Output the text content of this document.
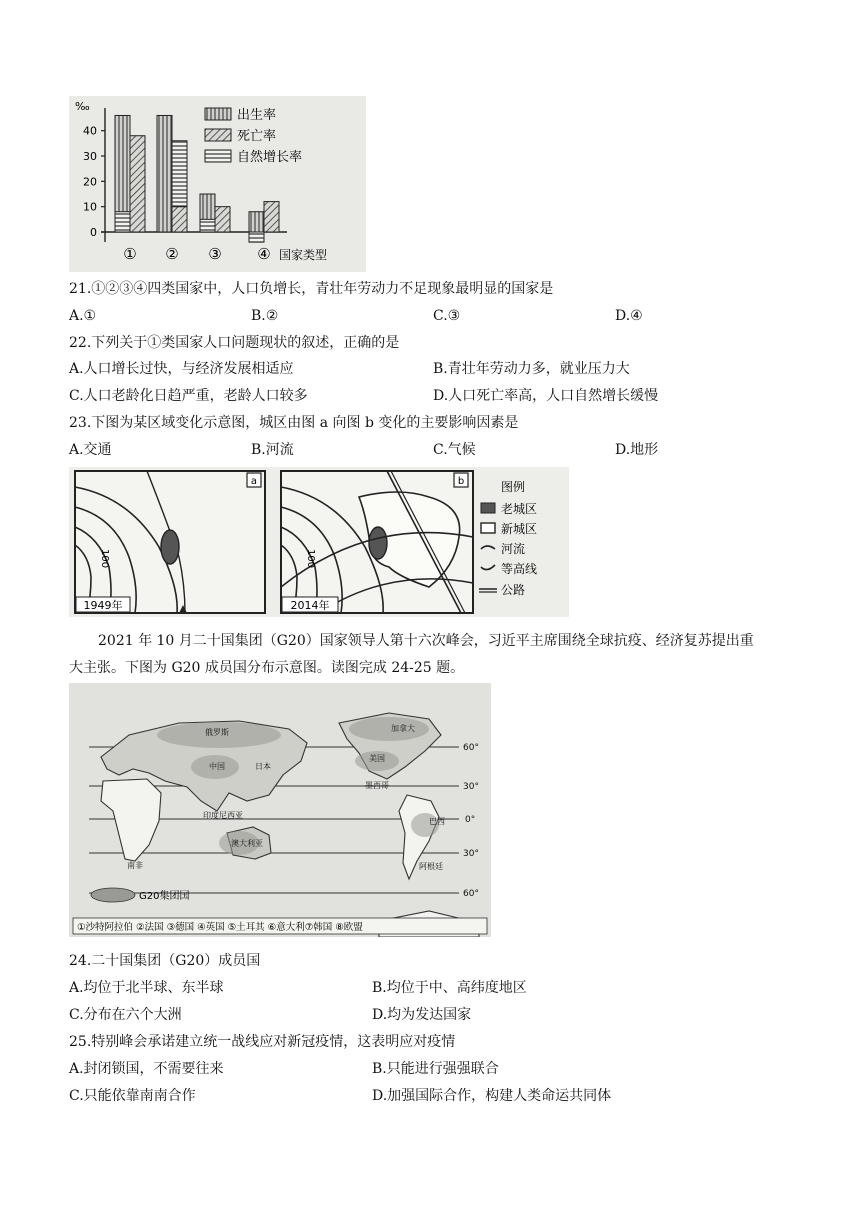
‰
0
10
20
30
40
① ② ③ ④ 国家类型
出生率
死亡率
自然增长率
21.①②③④四类国家中，人口负增长，青壮年劳动力不足现象最明显的国家是
A.①	B.②	C.③	D.④
22.下列关于①类国家人口问题现状的叙述，正确的是
A.人口增长过快，与经济发展相适应	B.青壮年劳动力多，就业压力大
C.人口老龄化日趋严重，老龄人口较多	D.人口死亡率高，人口自然增长缓慢
23.下图为某区域变化示意图，城区由图 a 向图 b 变化的主要影响因素是
A.交通	B.河流	C.气候	D.地形
a
100
1949年
b
100
2014年
图例
老城区
新城区
河流
等高线
公路
2021 年 10 月二十国集团（G20）国家领导人第十六次峰会，习近平主席围绕全球抗疫、经济复苏提出重
大主张。下图为 G20 成员国分布示意图。读图完成 24-25 题。
俄罗斯	加拿大
美国
中国	日本
墨西哥
印度尼西亚
澳大利亚
巴西
南非	阿根廷
60°
30°
0°
30°
60°
G20集团国
①沙特阿拉伯 ②法国 ③德国 ④英国 ⑤土耳其 ⑥意大利⑦韩国 ⑧欧盟
24.二十国集团（G20）成员国
A.均位于北半球、东半球	B.均位于中、高纬度地区
C.分布在六个大洲	D.均为发达国家
25.特别峰会承诺建立统一战线应对新冠疫情，这表明应对疫情
A.封闭锁国，不需要往来	B.只能进行强强联合
C.只能依靠南南合作	D.加强国际合作，构建人类命运共同体
